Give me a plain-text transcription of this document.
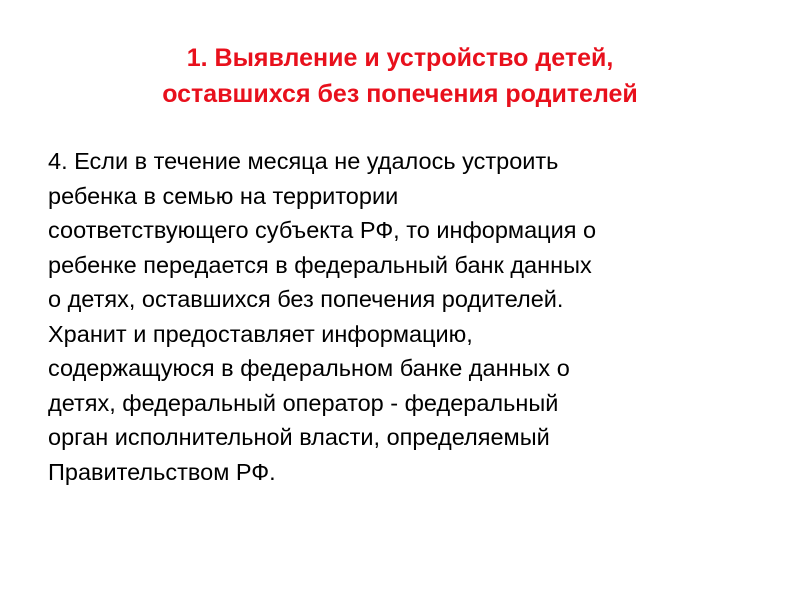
1. Выявление и устройство детей,
оставшихся без попечения родителей
4. Если в течение месяца не удалось устроить
ребенка в семью на территории
соответствующего субъекта РФ, то информация о
ребенке передается в федеральный банк данных
о детях, оставшихся без попечения родителей.
Хранит и предоставляет информацию,
содержащуюся в федеральном банке данных о
детях, федеральный оператор - федеральный
орган исполнительной власти, определяемый
Правительством РФ.
